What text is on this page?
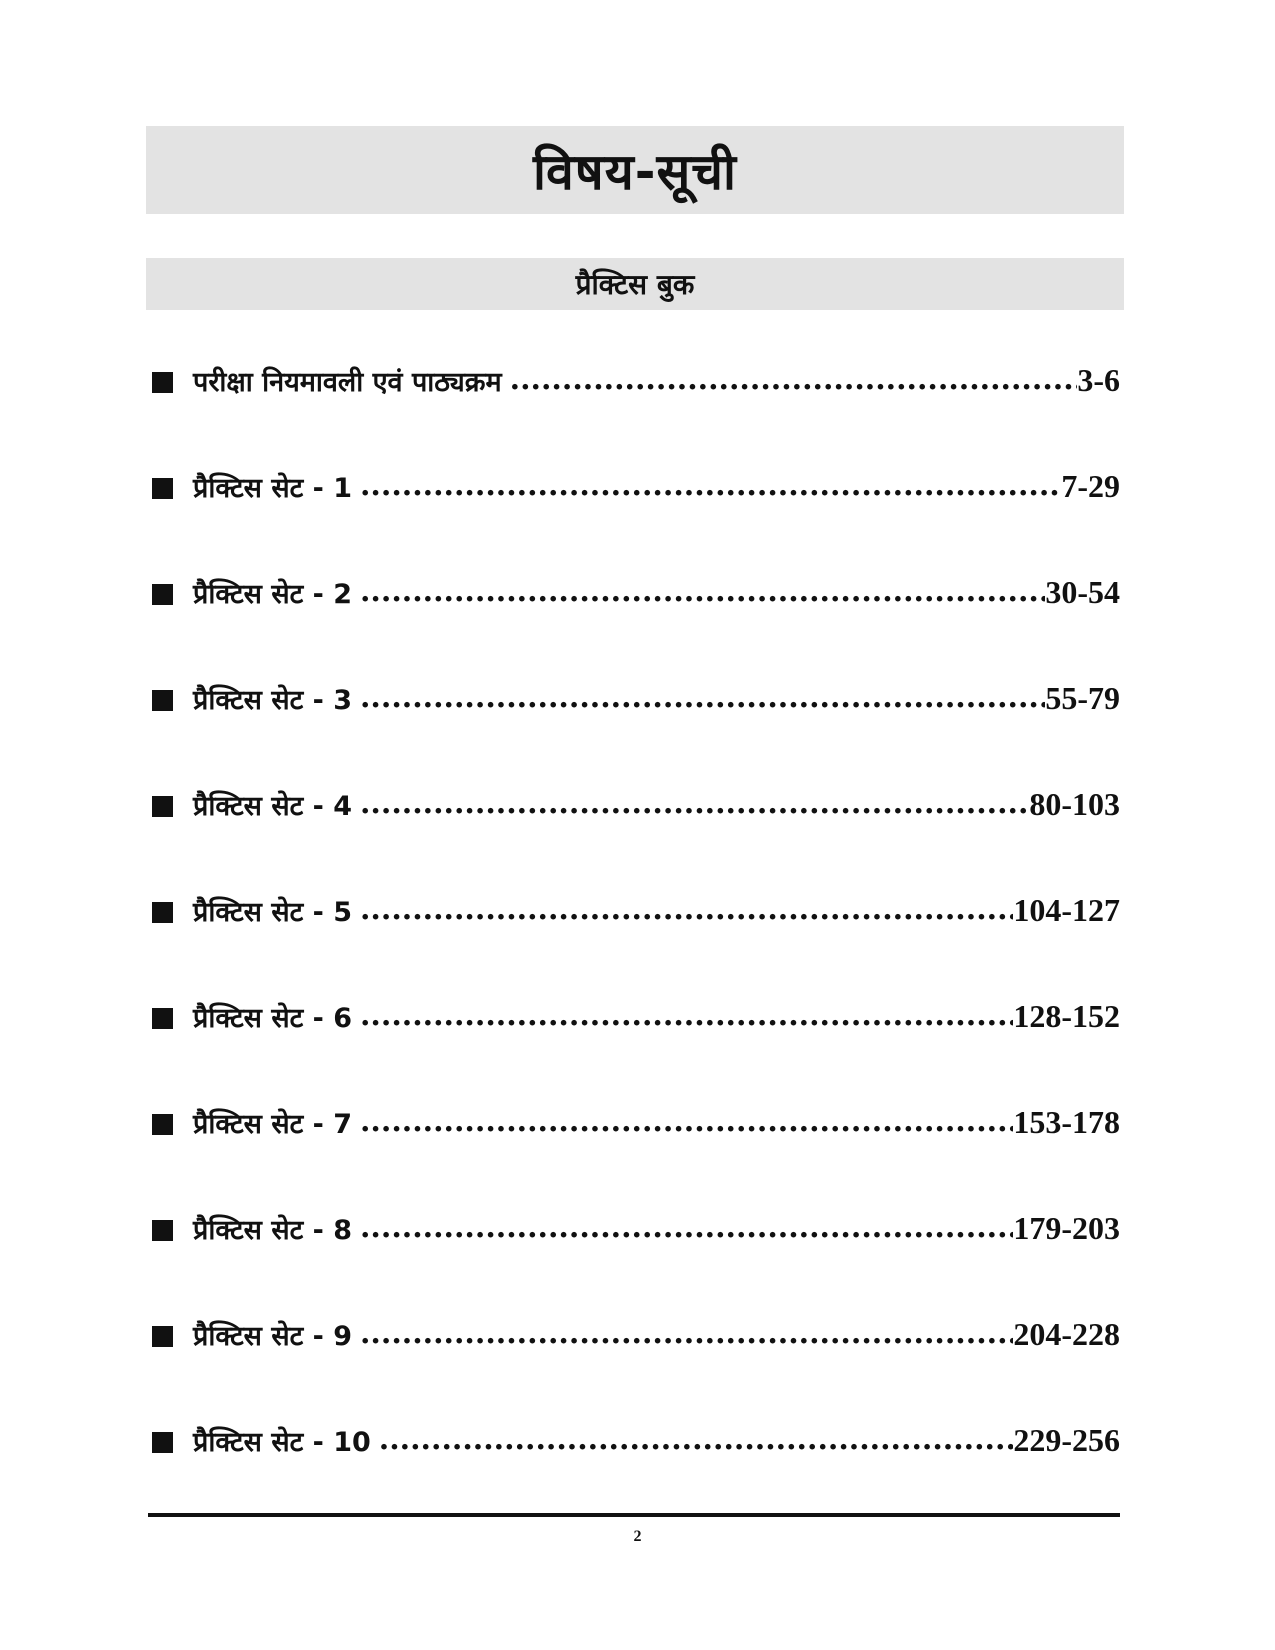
विषय-सूची
प्रैक्टिस बुक
परीक्षा नियमावली एवं पाठ्यक्रम .....	3-6
प्रैक्टिस सेट - 1 .....	7-29
प्रैक्टिस सेट - 2 .....	30-54
प्रैक्टिस सेट - 3 .....	55-79
प्रैक्टिस सेट - 4 .....	80-103
प्रैक्टिस सेट - 5 .....	104-127
प्रैक्टिस सेट - 6 .....	128-152
प्रैक्टिस सेट - 7 .....	153-178
प्रैक्टिस सेट - 8 .....	179-203
प्रैक्टिस सेट - 9 .....	204-228
प्रैक्टिस सेट - 10 .....	229-256
2
